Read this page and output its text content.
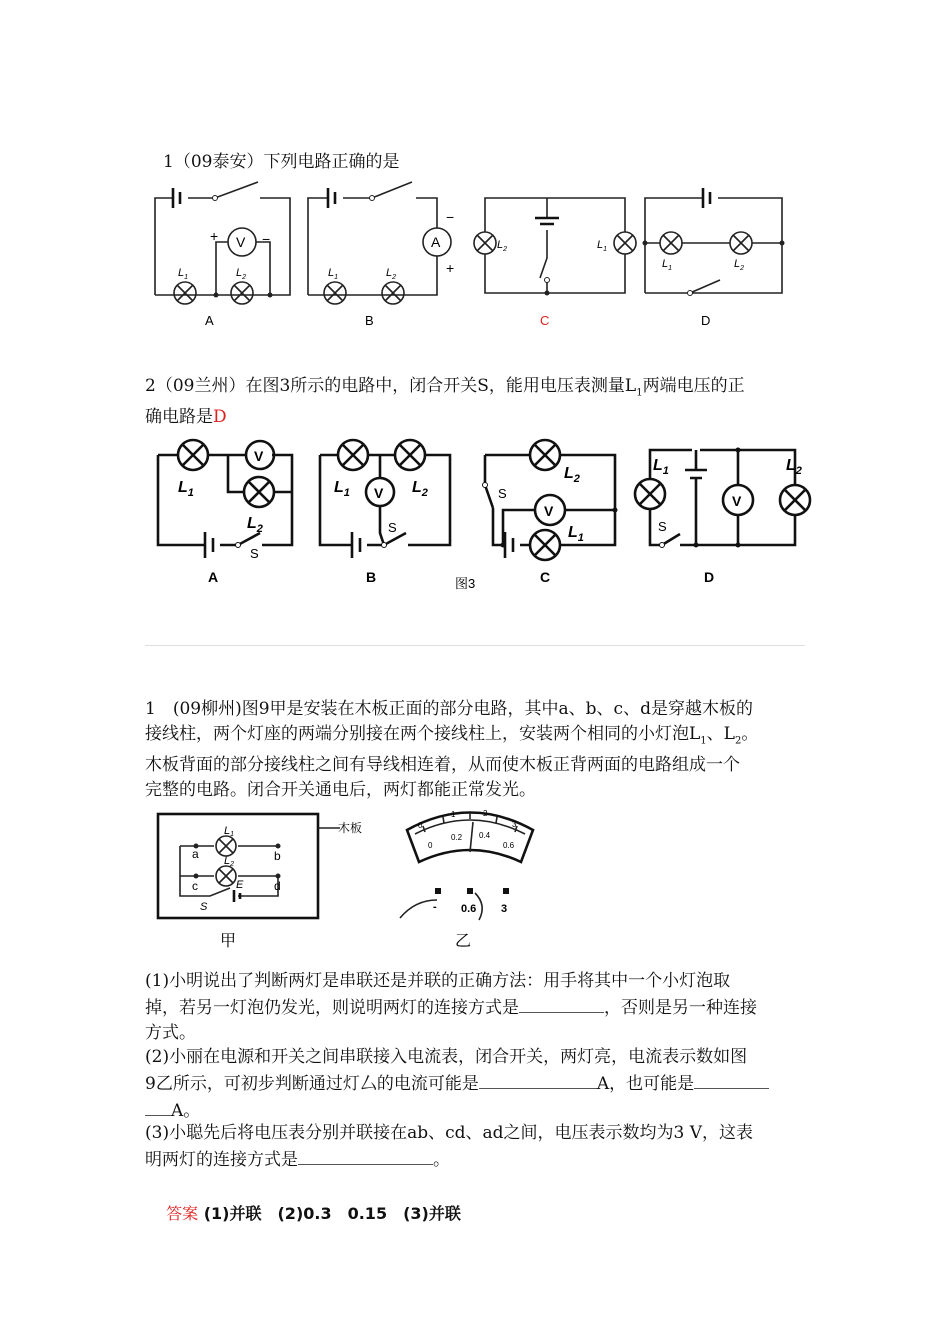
1（09泰安）下列电路正确的是
V
+	−
$L_1$	$L_2$
A
A
−
+
$L_1$	$L_2$
B
$L_2$	$L_1$
C
$L_1$	$L_2$
D
2（09兰州）在图3所示的电路中，闭合开关S，能用电压表测量$L_1$两端电压的正
确电路是D
V
$L_1$
$L_2$
S
A
V
$L_1$	$L_2$
S
B
V
$L_2$
$L_1$
S
C
V
$L_1$	$L_2$
S
D
图3
1　(09柳州)图9甲是安装在木板正面的部分电路，其中a、b、c、d是穿越木板的
接线柱，两个灯座的两端分别接在两个接线柱上，安装两个相同的小灯泡$L_1$、$L_2$。
木板背面的部分接线柱之间有导线相连着，从而使木板正背两面的电路组成一个
完整的电路。闭合开关通电后，两灯都能正常发光。
木板
a	b
c	d
L1
L2
S
E
甲
0
1	2
3
0
0.2 0.4
0.6
- 0.6 3
乙
(1)小明说出了判断两灯是串联还是并联的正确方法：用手将其中一个小灯泡取
掉，若另一灯泡仍发光，则说明两灯的连接方式是	，否则是另一种连接
方式。
(2)小丽在电源和开关之间串联接入电流表，闭合开关，两灯亮，电流表示数如图
9乙所示，可初步判断通过灯厶的电流可能是	A，也可能是
A。
(3)小聪先后将电压表分别并联接在ab、cd、ad之间，电压表示数均为3 V，这表
明两灯的连接方式是	。

答案 (1)并联　(2)0.3　0.15　(3)并联
